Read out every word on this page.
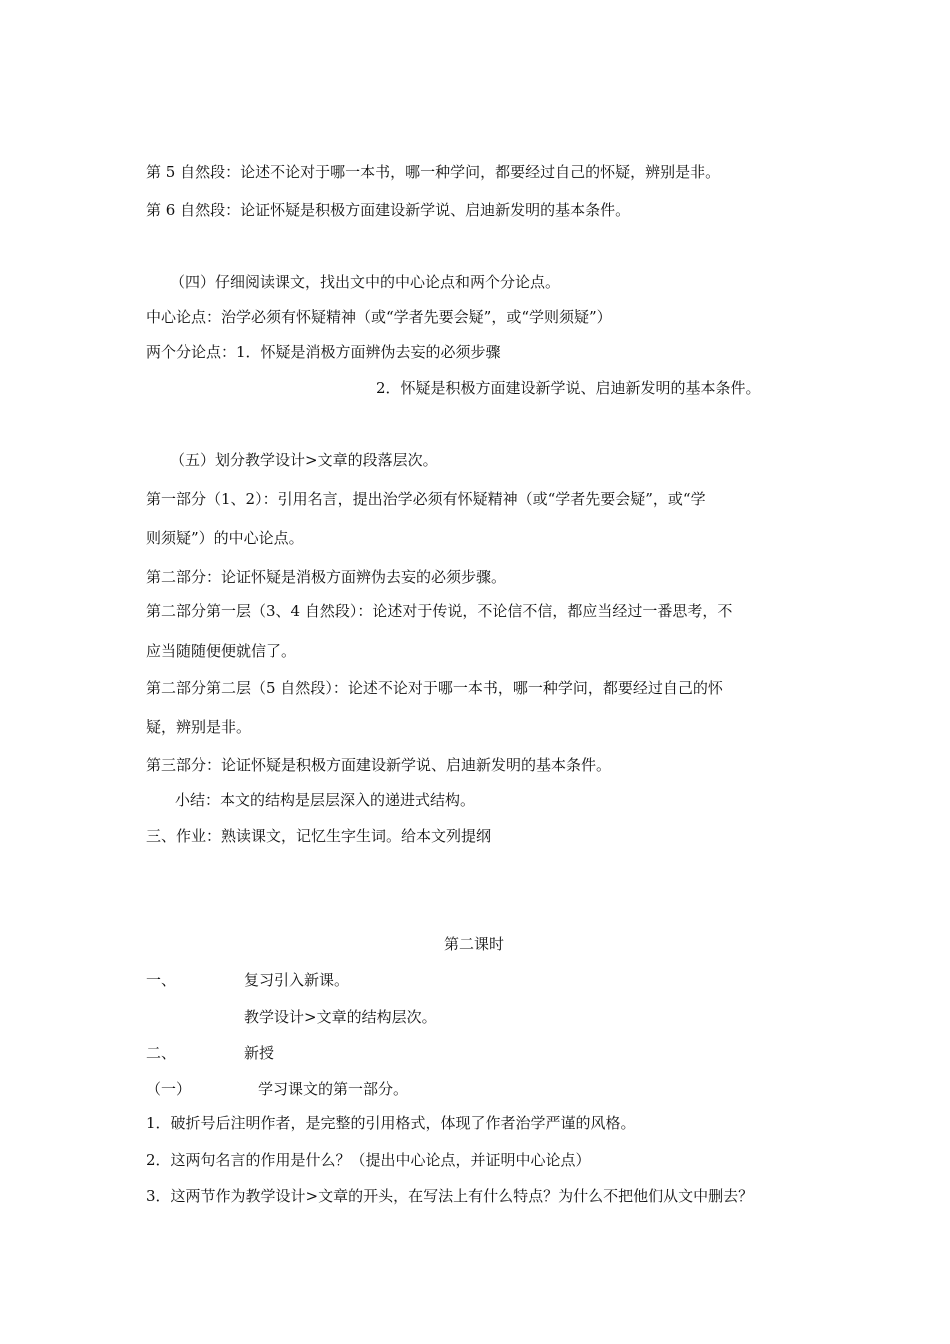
第 5 自然段：论述不论对于哪一本书，哪一种学问，都要经过自己的怀疑，辨别是非。
第 6 自然段：论证怀疑是积极方面建设新学说、启迪新发明的基本条件。
（四）仔细阅读课文，找出文中的中心论点和两个分论点。
中心论点：治学必须有怀疑精神（或“学者先要会疑”，或“学则须疑”）
两个分论点：1．怀疑是消极方面辨伪去妄的必须步骤
2．怀疑是积极方面建设新学说、启迪新发明的基本条件。
（五）划分教学设计>文章的段落层次。
第一部分（1、2）：引用名言，提出治学必须有怀疑精神（或“学者先要会疑”，或“学
则须疑”）的中心论点。
第二部分：论证怀疑是消极方面辨伪去妄的必须步骤。
第二部分第一层（3、4 自然段）：论述对于传说，不论信不信，都应当经过一番思考，不
应当随随便便就信了。
第二部分第二层（5 自然段）：论述不论对于哪一本书，哪一种学问，都要经过自己的怀
疑，辨别是非。
第三部分：论证怀疑是积极方面建设新学说、启迪新发明的基本条件。
小结：本文的结构是层层深入的递进式结构。
三、作业：熟读课文，记忆生字生词。给本文列提纲
第二课时
一、	复习引入新课。
教学设计>文章的结构层次。
二、	新授
（一）	学习课文的第一部分。
1．破折号后注明作者，是完整的引用格式，体现了作者治学严谨的风格。
2．这两句名言的作用是什么？（提出中心论点，并证明中心论点）
3．这两节作为教学设计>文章的开头，在写法上有什么特点？为什么不把他们从文中删去？
